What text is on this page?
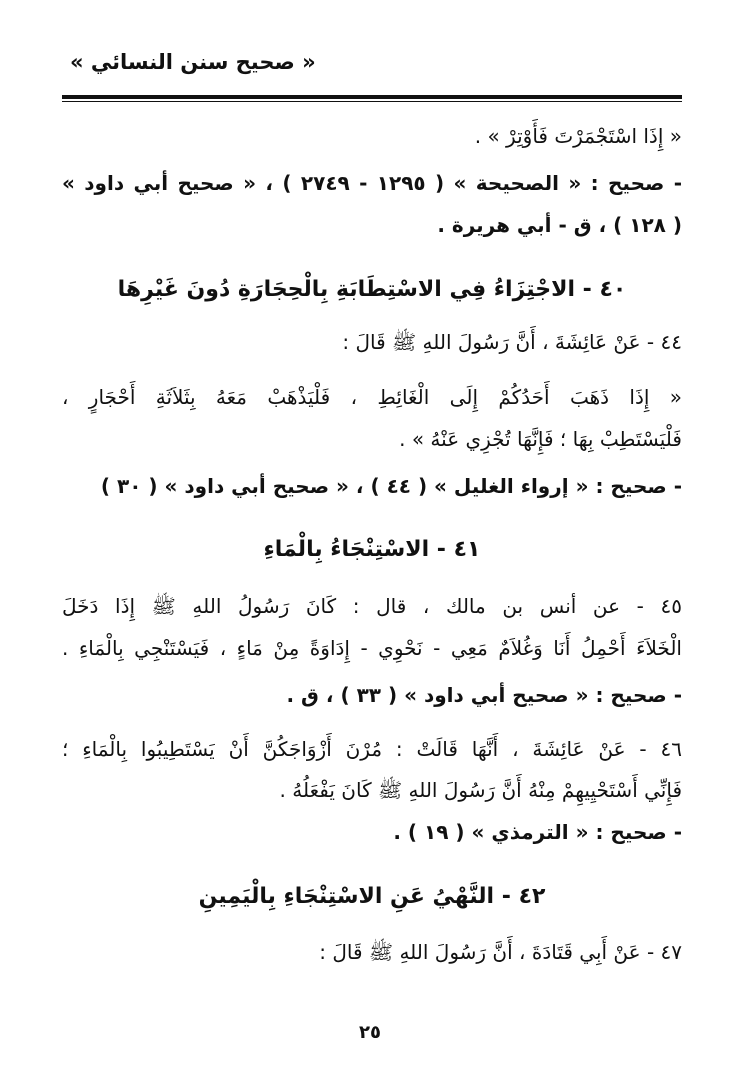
« صحيح سنن النسائي »
« إِذَا اسْتَجْمَرْتَ فَأَوْتِرْ » .
- صحيح : « الصحيحة » ( ١٢٩٥ - ٢٧٤٩ ) ، « صحيح أبي داود »
( ١٢٨ ) ، ق - أبي هريرة .
٤٠ - الاجْتِزَاءُ فِي الاسْتِطَابَةِ بِالْحِجَارَةِ دُونَ غَيْرِهَا
٤٤ - عَنْ عَائِشَةَ ، أَنَّ رَسُولَ اللهِ ﷺ قَالَ :
« إِذَا ذَهَبَ أَحَدُكُمْ إِلَى الْغَائِطِ ، فَلْيَذْهَبْ مَعَهُ بِثَلاَثَةِ أَحْجَارٍ ،
فَلْيَسْتَطِبْ بِهَا ؛ فَإِنَّهَا تُجْزِي عَنْهُ » .
- صحيح : « إرواء الغليل » ( ٤٤ ) ، « صحيح أبي داود » ( ٣٠ )
٤١ - الاسْتِنْجَاءُ بِالْمَاءِ
٤٥ - عن أنس بن مالك ، قال : كَانَ رَسُولُ اللهِ ﷺ إِذَا دَخَلَ
الْخَلاَءَ أَحْمِلُ أَنَا وَغُلاَمٌ مَعِي - نَحْوِي - إِدَاوَةً مِنْ مَاءٍ ، فَيَسْتَنْجِي بِالْمَاءِ .
- صحيح : « صحيح أبي داود » ( ٣٣ ) ، ق .
٤٦ - عَنْ عَائِشَةَ ، أَنَّهَا قَالَتْ : مُرْنَ أَزْوَاجَكُنَّ أَنْ يَسْتَطِيبُوا بِالْمَاءِ ؛
فَإِنِّي أَسْتَحْيِيهِمْ مِنْهُ أَنَّ رَسُولَ اللهِ ﷺ كَانَ يَفْعَلُهُ .
- صحيح : « الترمذي » ( ١٩ ) .
٤٢ - النَّهْيُ عَنِ الاسْتِنْجَاءِ بِالْيَمِينِ
٤٧ - عَنْ أَبِي قَتَادَةَ ، أَنَّ رَسُولَ اللهِ ﷺ قَالَ :
٢٥
